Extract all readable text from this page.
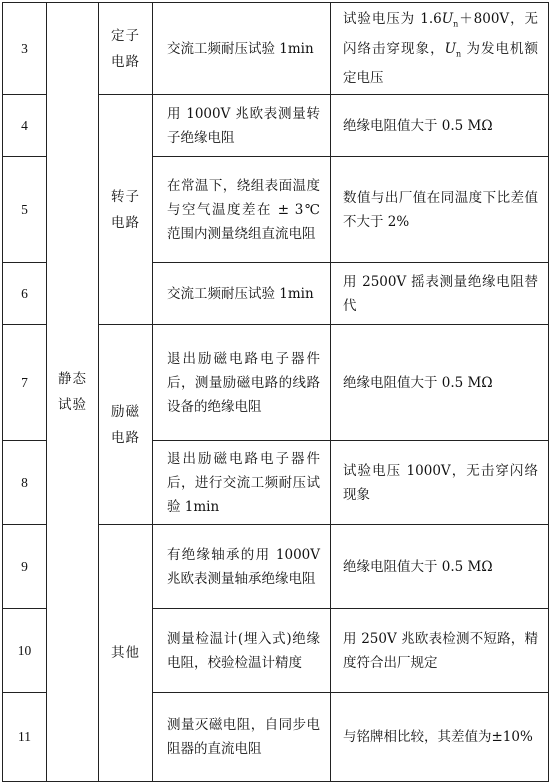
3	静态试验	定子电路	交流工频耐压试验 1min	试验电压为 $1.6U_n+800V$，无闪络击穿现象，$U_n$ 为发电机额定电压
4		转子电路	用 1000V 兆欧表测量转子绝缘电阻	绝缘电阻值大于 0.5 MΩ
5			在常温下，绕组表面温度与空气温度差在 ± 3℃ 范围内测量绕组直流电阻	数值与出厂值在同温度下比差值不大于 2%
6			交流工频耐压试验 1min	用 2500V 摇表测量绝缘电阻替代
7		励磁电路	退出励磁电路电子器件后，测量励磁电路的线路设备的绝缘电阻	绝缘电阻值大于 0.5 MΩ
8			退出励磁电路电子器件后，进行交流工频耐压试验 1min	试验电压 1000V，无击穿闪络现象
9		其他	有绝缘轴承的用 1000V 兆欧表测量轴承绝缘电阻	绝缘电阻值大于 0.5 MΩ
10			测量检温计(埋入式)绝缘电阻，校验检温计精度	用 250V 兆欧表检测不短路，精度符合出厂规定
11			测量灭磁电阻，自同步电阻器的直流电阻	与铭牌相比较，其差值为±10%
